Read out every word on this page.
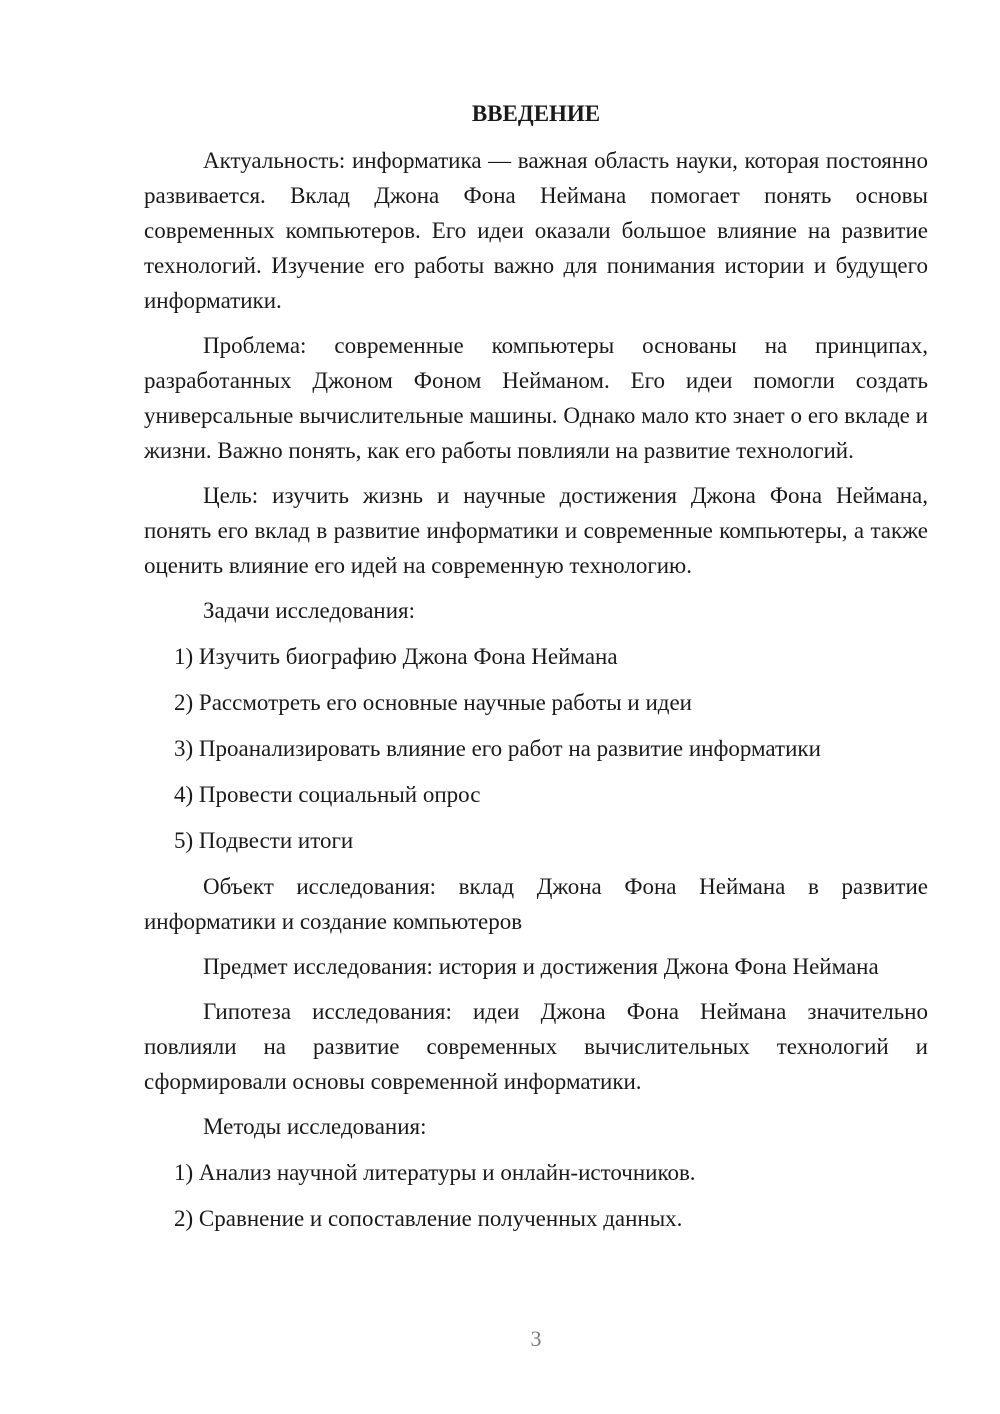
ВВЕДЕНИЕ
Актуальность: информатика — важная область науки, которая постоянно развивается. Вклад Джона Фона Неймана помогает понять основы современных компьютеров. Его идеи оказали большое влияние на развитие технологий. Изучение его работы важно для понимания истории и будущего информатики.
Проблема: современные компьютеры основаны на принципах, разработанных Джоном Фоном Нейманом. Его идеи помогли создать универсальные вычислительные машины. Однако мало кто знает о его вкладе и жизни. Важно понять, как его работы повлияли на развитие технологий.
Цель: изучить жизнь и научные достижения Джона Фона Неймана, понять его вклад в развитие информатики и современные компьютеры, а также оценить влияние его идей на современную технологию.
Задачи исследования:
1) Изучить биографию Джона Фона Неймана
2) Рассмотреть его основные научные работы и идеи
3) Проанализировать влияние его работ на развитие информатики
4) Провести социальный опрос
5) Подвести итоги
Объект исследования: вклад Джона Фона Неймана в развитие информатики и создание компьютеров
Предмет исследования: история и достижения Джона Фона Неймана
Гипотеза исследования: идеи Джона Фона Неймана значительно повлияли на развитие современных вычислительных технологий и сформировали основы современной информатики.
Методы исследования:
1) Анализ научной литературы и онлайн-источников.
2) Сравнение и сопоставление полученных данных.
3
